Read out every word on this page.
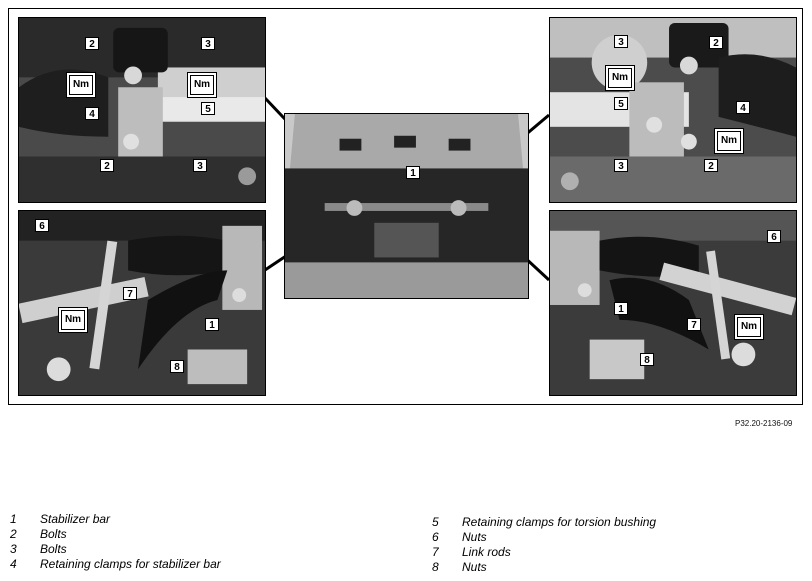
2	3
4	5
2	3
Nm	Nm
3	2
5	4
3	2
Nm
Nm
6
7
1
8
Nm
6
1
7
8
Nm
1
P32.20-2136-09
1	Stabilizer bar
2	Bolts
3	Bolts
4	Retaining clamps for stabilizer bar
5	Retaining clamps for torsion bushing
6	Nuts
7	Link rods
8	Nuts
